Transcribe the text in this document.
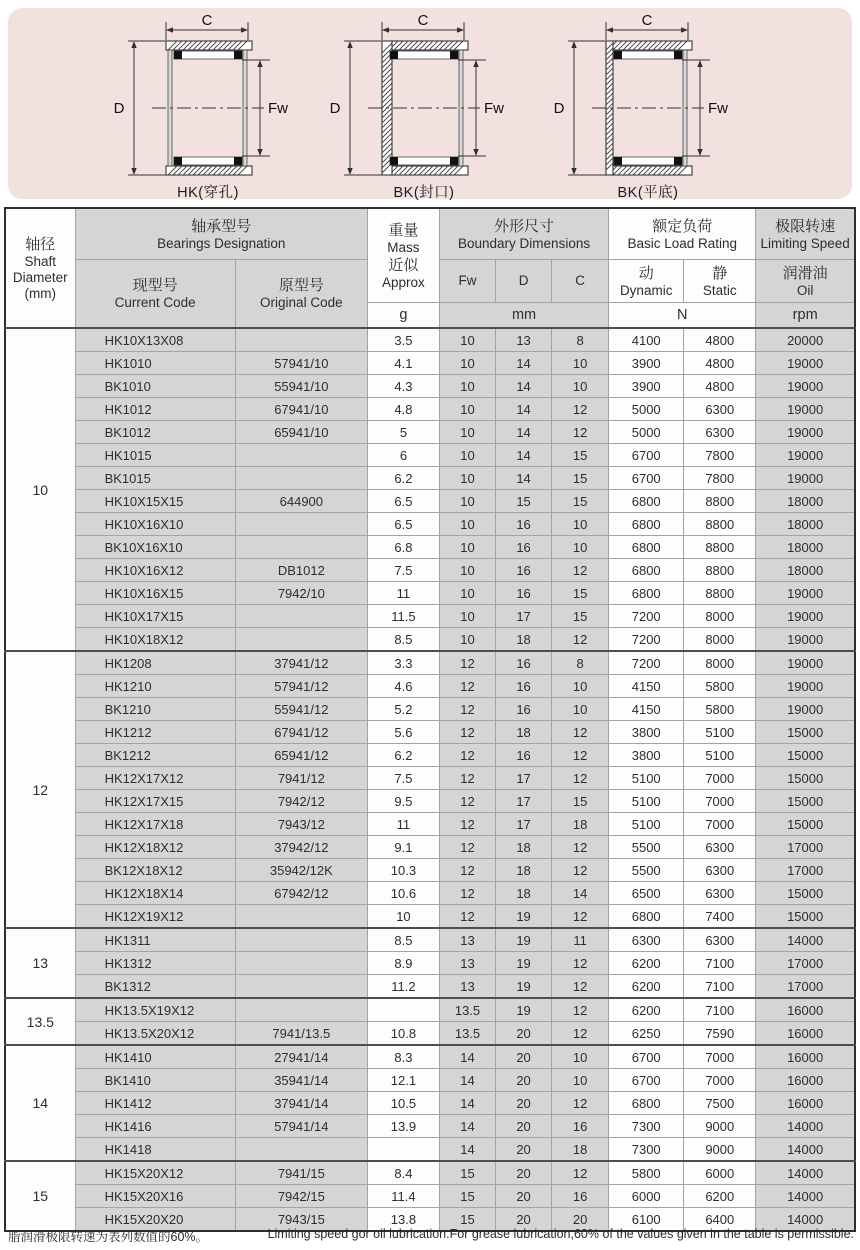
C
D	Fw
HK(穿孔)
C
D	Fw
BK(封口)
C
D	Fw
BK(平底)
轴径
Shaft
Diameter
(mm)	轴承型号
Bearings Designation		重量
Mass
近似
Approx	外形尺寸
Boundary Dimensions			额定负荷
Basic Load Rating		极限转速
Limiting Speed

	现型号
Current Code	原型号
Original Code		Fw	D	C	动
Dynamic	静
Static	润滑油
Oil

			g	mm			N		rpm
10	HK10X13X08		3.5	10	13	8	4100	4800	20000
	HK1010	57941/10	4.1	10	14	10	3900	4800	19000
	BK1010	55941/10	4.3	10	14	10	3900	4800	19000
	HK1012	67941/10	4.8	10	14	12	5000	6300	19000
	BK1012	65941/10	5	10	14	12	5000	6300	19000
	HK1015		6	10	14	15	6700	7800	19000
	BK1015		6.2	10	14	15	6700	7800	19000
	HK10X15X15	644900	6.5	10	15	15	6800	8800	18000
	HK10X16X10		6.5	10	16	10	6800	8800	18000
	BK10X16X10		6.8	10	16	10	6800	8800	18000
	HK10X16X12	DB1012	7.5	10	16	12	6800	8800	18000
	HK10X16X15	7942/10	11	10	16	15	6800	8800	19000
	HK10X17X15		11.5	10	17	15	7200	8000	19000
	HK10X18X12		8.5	10	18	12	7200	8000	19000
12	HK1208	37941/12	3.3	12	16	8	7200	8000	19000
	HK1210	57941/12	4.6	12	16	10	4150	5800	19000
	BK1210	55941/12	5.2	12	16	10	4150	5800	19000
	HK1212	67941/12	5.6	12	18	12	3800	5100	15000
	BK1212	65941/12	6.2	12	16	12	3800	5100	15000
	HK12X17X12	7941/12	7.5	12	17	12	5100	7000	15000
	HK12X17X15	7942/12	9.5	12	17	15	5100	7000	15000
	HK12X17X18	7943/12	11	12	17	18	5100	7000	15000
	HK12X18X12	37942/12	9.1	12	18	12	5500	6300	17000
	BK12X18X12	35942/12K	10.3	12	18	12	5500	6300	17000
	HK12X18X14	67942/12	10.6	12	18	14	6500	6300	15000
	HK12X19X12		10	12	19	12	6800	7400	15000
13	HK1311		8.5	13	19	11	6300	6300	14000
	HK1312		8.9	13	19	12	6200	7100	17000
	BK1312		11.2	13	19	12	6200	7100	17000
13.5	HK13.5X19X12			13.5	19	12	6200	7100	16000
	HK13.5X20X12	7941/13.5	10.8	13.5	20	12	6250	7590	16000
14	HK1410	27941/14	8.3	14	20	10	6700	7000	16000
	BK1410	35941/14	12.1	14	20	10	6700	7000	16000
	HK1412	37941/14	10.5	14	20	12	6800	7500	16000
	HK1416	57941/14	13.9	14	20	16	7300	9000	14000
	HK1418			14	20	18	7300	9000	14000
15	HK15X20X12	7941/15	8.4	15	20	12	5800	6000	14000
	HK15X20X16	7942/15	11.4	15	20	16	6000	6200	14000
	HK15X20X20	7943/15	13.8	15	20	20	6100	6400	14000
脂润滑极限转速为表列数值的60%。	Limiting speed gor oil lubrication.For grease lubrication,60% of the values given in the table is permissible.
